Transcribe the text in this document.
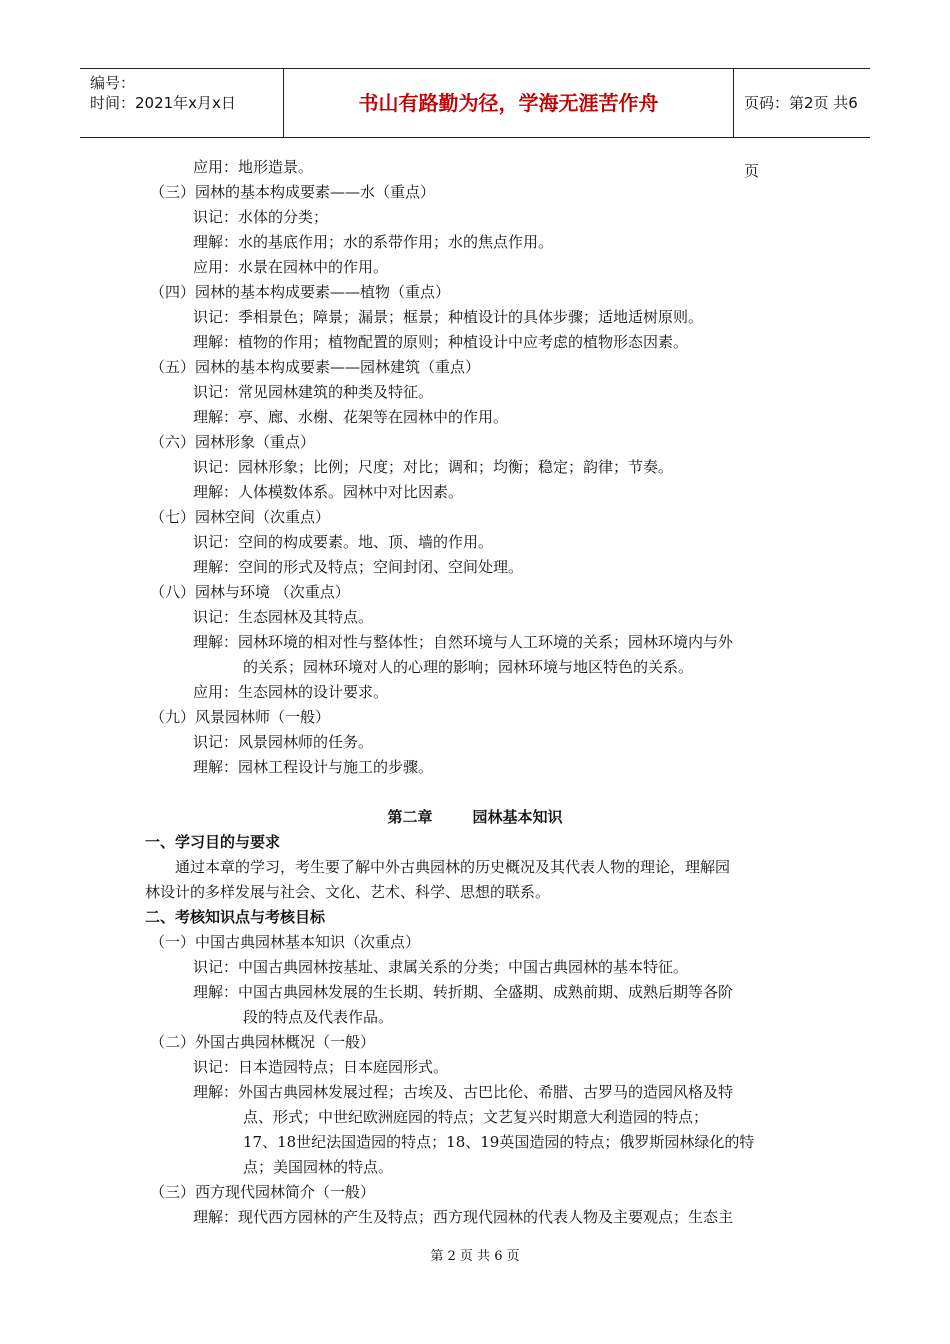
编号：
时间：2021年x月x日	书山有路勤为径，学海无涯苦作舟	页码：第2页 共6页
第二章	园林基本知识
应用：地形造景。
（三）园林的基本构成要素——水（重点）
识记：水体的分类；
理解：水的基底作用；水的系带作用；水的焦点作用。
应用：水景在园林中的作用。
（四）园林的基本构成要素——植物（重点）
识记：季相景色；障景；漏景；框景；种植设计的具体步骤；适地适树原则。
理解：植物的作用；植物配置的原则；种植设计中应考虑的植物形态因素。
（五）园林的基本构成要素——园林建筑（重点）
识记：常见园林建筑的种类及特征。
理解：亭、廊、水榭、花架等在园林中的作用。
（六）园林形象（重点）
识记：园林形象；比例；尺度；对比；调和；均衡；稳定；韵律；节奏。
理解：人体模数体系。园林中对比因素。
（七）园林空间（次重点）
识记：空间的构成要素。地、顶、墙的作用。
理解：空间的形式及特点；空间封闭、空间处理。
（八）园林与环境 （次重点）
识记：生态园林及其特点。
理解：园林环境的相对性与整体性；自然环境与人工环境的关系；园林环境内与外
的关系；园林环境对人的心理的影响；园林环境与地区特色的关系。
应用：生态园林的设计要求。
（九）风景园林师（一般）
识记：风景园林师的任务。
理解：园林工程设计与施工的步骤。
一、学习目的与要求
通过本章的学习，考生要了解中外古典园林的历史概况及其代表人物的理论，理解园
林设计的多样发展与社会、文化、艺术、科学、思想的联系。
二、考核知识点与考核目标
（一）中国古典园林基本知识（次重点）
识记：中国古典园林按基址、隶属关系的分类；中国古典园林的基本特征。
理解：中国古典园林发展的生长期、转折期、全盛期、成熟前期、成熟后期等各阶
段的特点及代表作品。
（二）外国古典园林概况（一般）
识记：日本造园特点；日本庭园形式。
理解：外国古典园林发展过程；古埃及、古巴比伦、希腊、古罗马的造园风格及特
点、形式；中世纪欧洲庭园的特点；文艺复兴时期意大利造园的特点；
17、18世纪法国造园的特点；18、19英国造园的特点；俄罗斯园林绿化的特
点；美国园林的特点。
（三）西方现代园林简介（一般）
理解：现代西方园林的产生及特点；西方现代园林的代表人物及主要观点；生态主
第 2 页 共 6 页
